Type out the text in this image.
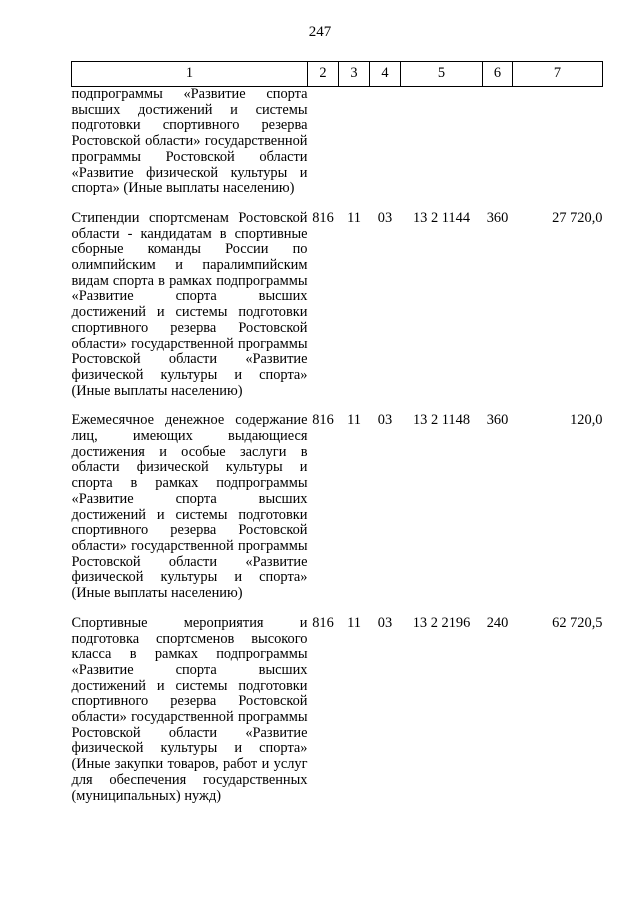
247
1	2	3	4	5	6	7
подпрограммы «Развитие спорта высших достижений и системы подготовки спортивного резерва Ростовской области» государственной программы Ростовской области «Развитие физической культуры и спорта» (Иные выплаты населению)						
Стипендии спортсменам Ростовской области - кандидатам в спортивные сборные команды России по олимпийским и паралимпийским видам спорта в рамках подпрограммы «Развитие спорта высших достижений и системы подготовки спортивного резерва Ростовской области» государственной программы Ростовской области «Развитие физической культуры и спорта» (Иные выплаты населению)	816	11	03	13 2 1144	360	27 720,0
Ежемесячное денежное содержание лиц, имеющих выдающиеся достижения и особые заслуги в области физической культуры и спорта в рамках подпрограммы «Развитие спорта высших достижений и системы подготовки спортивного резерва Ростовской области» государственной программы Ростовской области «Развитие физической культуры и спорта» (Иные выплаты населению)	816	11	03	13 2 1148	360	120,0
Спортивные мероприятия и подготовка спортсменов высокого класса в рамках подпрограммы «Развитие спорта высших достижений и системы подготовки спортивного резерва Ростовской области» государственной программы Ростовской области «Развитие физической культуры и спорта» (Иные закупки товаров, работ и услуг для обеспечения государственных (муниципальных) нужд)	816	11	03	13 2 2196	240	62 720,5
